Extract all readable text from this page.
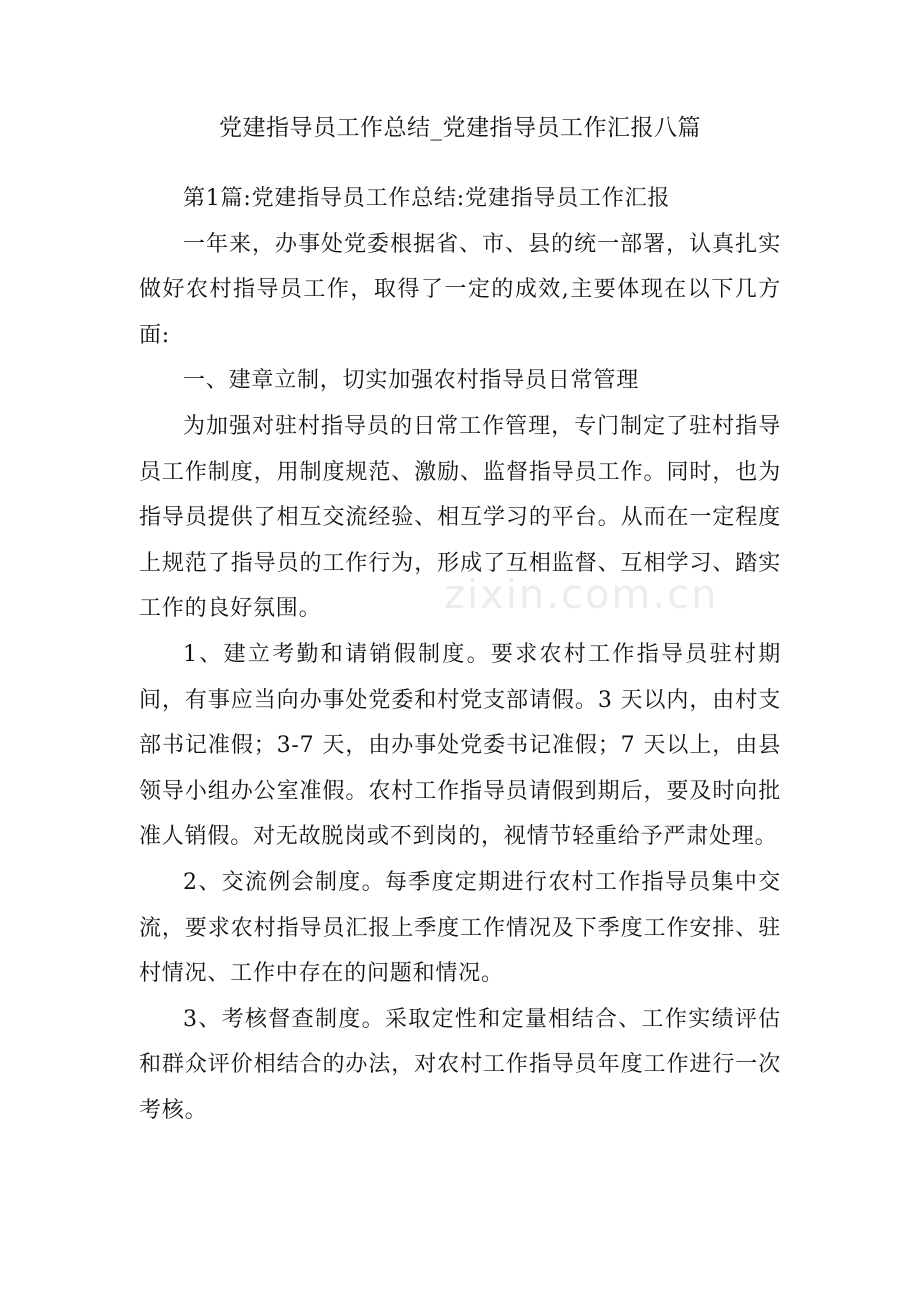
党建指导员工作总结_党建指导员工作汇报八篇

第1篇:党建指导员工作总结:党建指导员工作汇报

一年来，办事处党委根据省、市、县的统一部署，认真扎实做好农村指导员工作，取得了一定的成效,主要体现在以下几方面:

一、建章立制，切实加强农村指导员日常管理

为加强对驻村指导员的日常工作管理，专门制定了驻村指导员工作制度，用制度规范、激励、监督指导员工作。同时，也为指导员提供了相互交流经验、相互学习的平台。从而在一定程度上规范了指导员的工作行为，形成了互相监督、互相学习、踏实工作的良好氛围。

1、建立考勤和请销假制度。要求农村工作指导员驻村期间，有事应当向办事处党委和村党支部请假。3 天以内，由村支部书记准假；3-7 天，由办事处党委书记准假；7 天以上，由县领导小组办公室准假。农村工作指导员请假到期后，要及时向批准人销假。对无故脱岗或不到岗的，视情节轻重给予严肃处理。

2、交流例会制度。每季度定期进行农村工作指导员集中交流，要求农村指导员汇报上季度工作情况及下季度工作安排、驻村情况、工作中存在的问题和情况。

3、考核督查制度。采取定性和定量相结合、工作实绩评估和群众评价相结合的办法，对农村工作指导员年度工作进行一次考核。

zixin.com.cn
